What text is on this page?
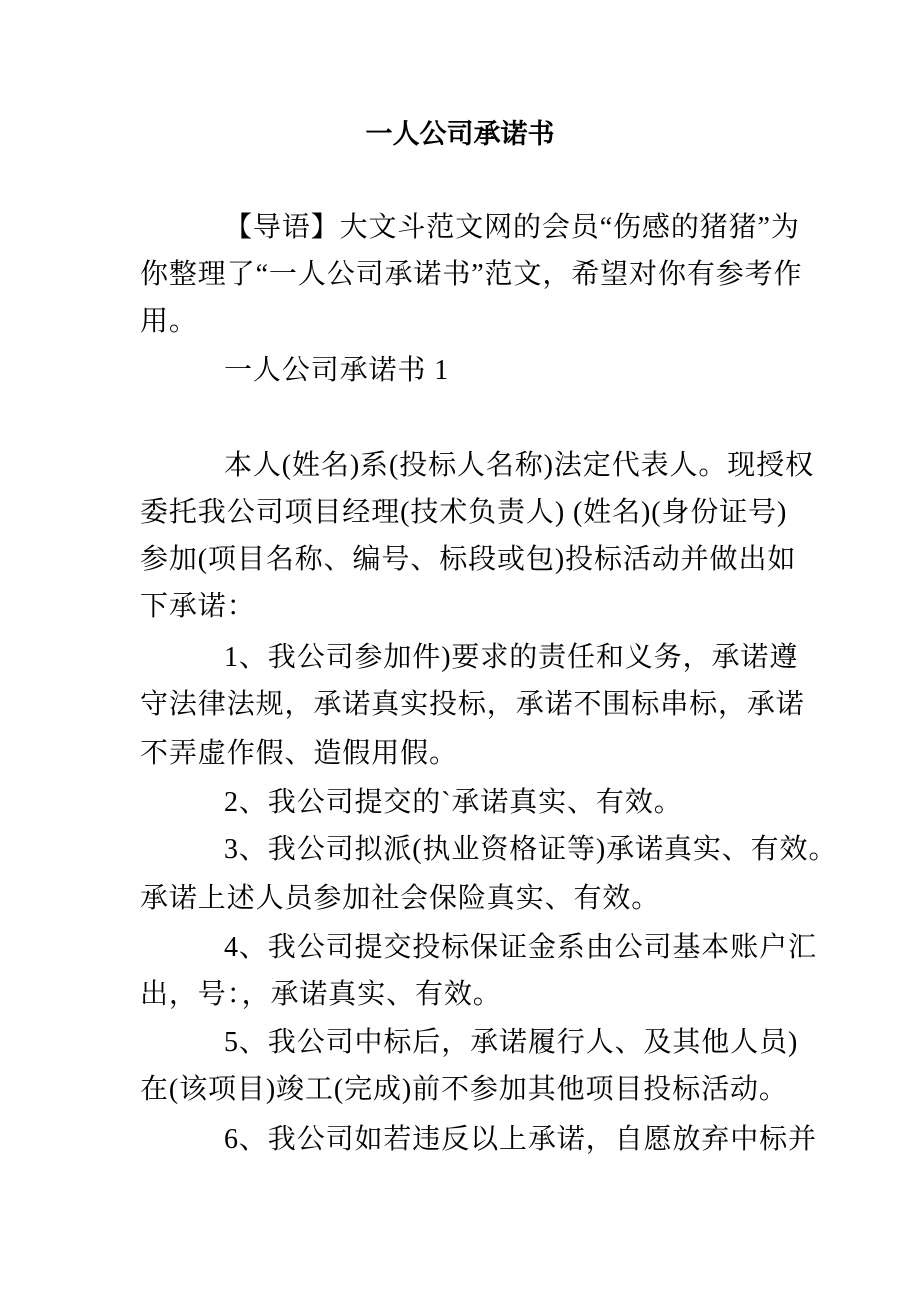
一人公司承诺书
【导语】大文斗范文网的会员“伤感的猪猪”为
你整理了“一人公司承诺书”范文，希望对你有参考作
用。
一人公司承诺书 1
本人(姓名)系(投标人名称)法定代表人。现授权
委托我公司项目经理(技术负责人) (姓名)(身份证号)
参加(项目名称、编号、标段或包)投标活动并做出如
下承诺：
1、我公司参加件)要求的责任和义务，承诺遵
守法律法规，承诺真实投标，承诺不围标串标，承诺
不弄虚作假、造假用假。
2、我公司提交的`承诺真实、有效。
3、我公司拟派(执业资格证等)承诺真实、有效。
承诺上述人员参加社会保险真实、有效。
4、我公司提交投标保证金系由公司基本账户汇
出，号：，承诺真实、有效。
5、我公司中标后，承诺履行人、及其他人员)
在(该项目)竣工(完成)前不参加其他项目投标活动。
6、我公司如若违反以上承诺，自愿放弃中标并
